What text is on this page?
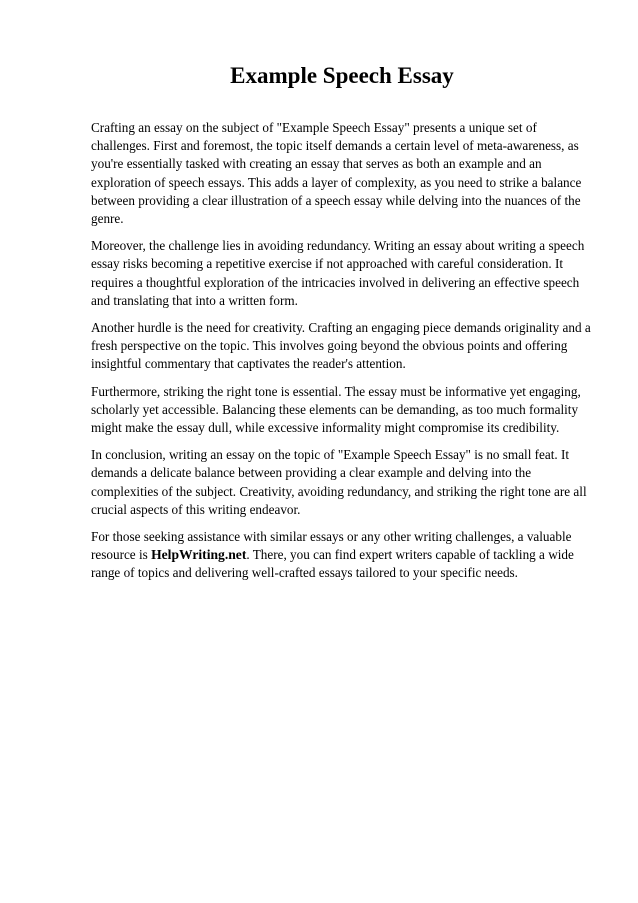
Example Speech Essay

Crafting an essay on the subject of "Example Speech Essay" presents a unique set of challenges. First and foremost, the topic itself demands a certain level of meta-awareness, as you're essentially tasked with creating an essay that serves as both an example and an exploration of speech essays. This adds a layer of complexity, as you need to strike a balance between providing a clear illustration of a speech essay while delving into the nuances of the genre.

Moreover, the challenge lies in avoiding redundancy. Writing an essay about writing a speech essay risks becoming a repetitive exercise if not approached with careful consideration. It requires a thoughtful exploration of the intricacies involved in delivering an effective speech and translating that into a written form.

Another hurdle is the need for creativity. Crafting an engaging piece demands originality and a fresh perspective on the topic. This involves going beyond the obvious points and offering insightful commentary that captivates the reader's attention.

Furthermore, striking the right tone is essential. The essay must be informative yet engaging, scholarly yet accessible. Balancing these elements can be demanding, as too much formality might make the essay dull, while excessive informality might compromise its credibility.

In conclusion, writing an essay on the topic of "Example Speech Essay" is no small feat. It demands a delicate balance between providing a clear example and delving into the complexities of the subject. Creativity, avoiding redundancy, and striking the right tone are all crucial aspects of this writing endeavor.

For those seeking assistance with similar essays or any other writing challenges, a valuable resource is HelpWriting.net. There, you can find expert writers capable of tackling a wide range of topics and delivering well-crafted essays tailored to your specific needs.
